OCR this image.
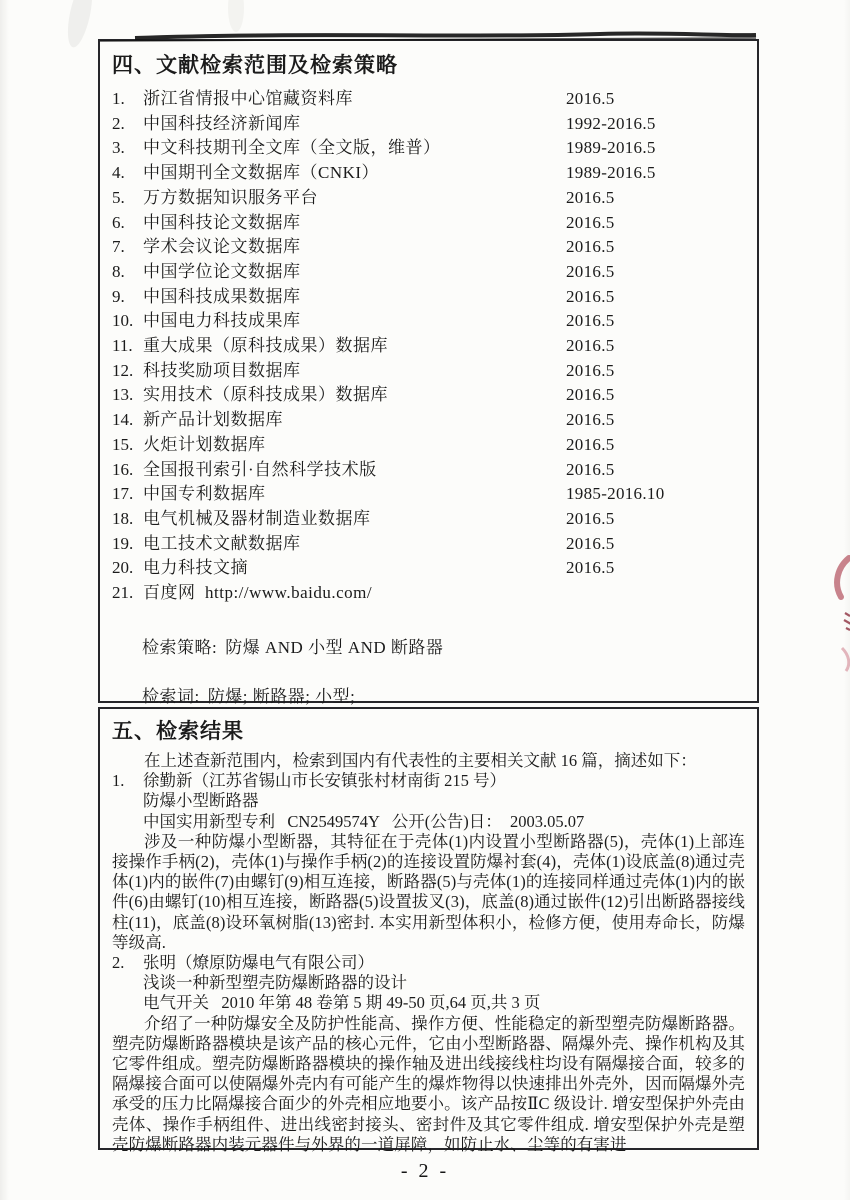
四、文献检索范围及检索策略
1.	浙江省情报中心馆藏资料库	2016.5
2.	中国科技经济新闻库	1992-2016.5
3.	中文科技期刊全文库（全文版，维普）	1989-2016.5
4.	中国期刊全文数据库（CNKI）	1989-2016.5
5.	万方数据知识服务平台	2016.5
6.	中国科技论文数据库	2016.5
7.	学术会议论文数据库	2016.5
8.	中国学位论文数据库	2016.5
9.	中国科技成果数据库	2016.5
10. 中国电力科技成果库	2016.5
11. 重大成果（原科技成果）数据库	2016.5
12. 科技奖励项目数据库	2016.5
13. 实用技术（原科技成果）数据库	2016.5
14. 新产品计划数据库	2016.5
15. 火炬计划数据库	2016.5
16. 全国报刊索引·自然科学技术版	2016.5
17. 中国专利数据库	1985-2016.10
18. 电气机械及器材制造业数据库	2016.5
19. 电工技术文献数据库	2016.5
20. 电力科技文摘	2016.5
21. 百度网  http://www.baidu.com/
检索策略: 防爆 AND 小型 AND 断路器
检索词: 防爆; 断路器; 小型;
五、检索结果
在上述查新范围内，检索到国内有代表性的主要相关文献 16 篇，摘述如下：
1.	徐勤新（江苏省锡山市长安镇张村材南街 215 号）
防爆小型断路器
中国实用新型专利   CN2549574Y   公开(公告)日：  2003.05.07
涉及一种防爆小型断器，其特征在于壳体(1)内设置小型断路器(5)，壳体(1)上部连接操作手柄(2)，壳体(1)与操作手柄(2)的连接设置防爆衬套(4)，壳体(1)设底盖(8)通过壳体(1)内的嵌件(7)由螺钉(9)相互连接，断路器(5)与壳体(1)的连接同样通过壳体(1)内的嵌件(6)由螺钉(10)相互连接，断路器(5)设置拔叉(3)，底盖(8)通过嵌件(12)引出断路器接线柱(11)，底盖(8)设环氧树脂(13)密封. 本实用新型体积小，检修方便，使用寿命长，防爆等级高.
2.	张明（燎原防爆电气有限公司）
浅谈一种新型塑壳防爆断路器的设计
电气开关   2010 年第 48 卷第 5 期 49-50 页,64 页,共 3 页
介绍了一种防爆安全及防护性能高、操作方便、性能稳定的新型塑壳防爆断路器。塑壳防爆断路器模块是该产品的核心元件，它由小型断路器、隔爆外壳、操作机构及其它零件组成。塑壳防爆断路器模块的操作轴及进出线接线柱均设有隔爆接合面，较多的隔爆接合面可以使隔爆外壳内有可能产生的爆炸物得以快速排出外壳外，因而隔爆外壳承受的压力比隔爆接合面少的外壳相应地要小。该产品按ⅡC 级设计. 增安型保护外壳由壳体、操作手柄组件、进出线密封接头、密封件及其它零件组成. 增安型保护外壳是塑壳防爆断路器内装元器件与外界的一道屏障，如防止水、尘等的有害进
- 2 -
